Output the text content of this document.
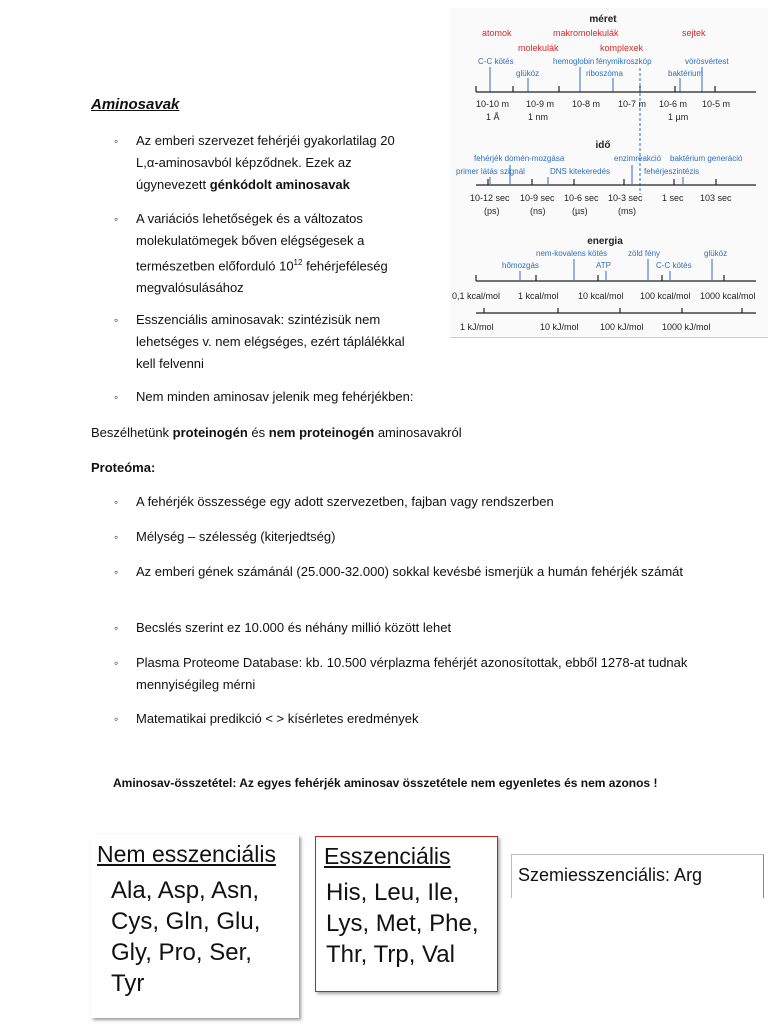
méret
atomok	makromolekulák	sejtek
molekulák	komplexek
C-C kötés	hemoglobin fénymikroszkóp	vörösvértest
glükóz	riboszóma	baktérium
10-10 m 10-9 m 10-8 m 10-7 m 10-6 m 10-5 m
1 Å	1 nm	1 µm
idő
fehérjék domén-mozgása	enzimreakció baktérium generáció
primer látás szignál	DNS kitekeredés	fehérjeszintézis
10-12 sec 10-9 sec 10-6 sec 10-3 sec 1 sec 103 sec
(ps)	(ns)	(µs)	(ms)
energia
nem-kovalens kötés	zöld fény	glükóz
hőmozgás	ATP	C-C kötés
0,1 kcal/mol 1 kcal/mol 10 kcal/mol 100 kcal/mol 1000 kcal/mol
1 kJ/mol	10 kJ/mol 100 kJ/mol 1000 kJ/mol
Aminosavak
◦ Az emberi szervezet fehérjéi gyakorlatilag 20 L,α-aminosavból képződnek. Ezek az úgynevezett génkódolt aminosavak
◦ A variációs lehetőségek és a változatos molekulatömegek bőven elégségesek a természetben előforduló $10^{12}$ fehérjeféleség megvalósulásához
◦ Esszenciális aminosavak: szintézisük nem lehetséges v. nem elégséges, ezért táplálékkal kell felvenni
◦ Nem minden aminosav jelenik meg fehérjékben:

Beszélhetünk proteinogén és nem proteinogén aminosavakról

Proteóma:

◦ A fehérjék összessége egy adott szervezetben, fajban vagy rendszerben
◦ Mélység – szélesség (kiterjedtség)
◦ Az emberi gének számánál (25.000-32.000) sokkal kevésbé ismerjük a humán fehérjék számát
◦ Becslés szerint ez 10.000 és néhány millió között lehet
◦ Plasma Proteome Database: kb. 10.500 vérplazma fehérjét azonosítottak, ebből 1278-at tudnak mennyiségileg mérni
◦ Matematikai predikció < > kísérletes eredmények

Aminosav-összetétel: Az egyes fehérjék aminosav összetétele nem egyenletes és nem azonos !

Nem esszenciális
Ala, Asp, Asn,
Cys, Gln, Glu,
Gly, Pro, Ser,
Tyr
Esszenciális
His, Leu, Ile,
Lys, Met, Phe,
Thr, Trp, Val
Szemiesszenciális: Arg
